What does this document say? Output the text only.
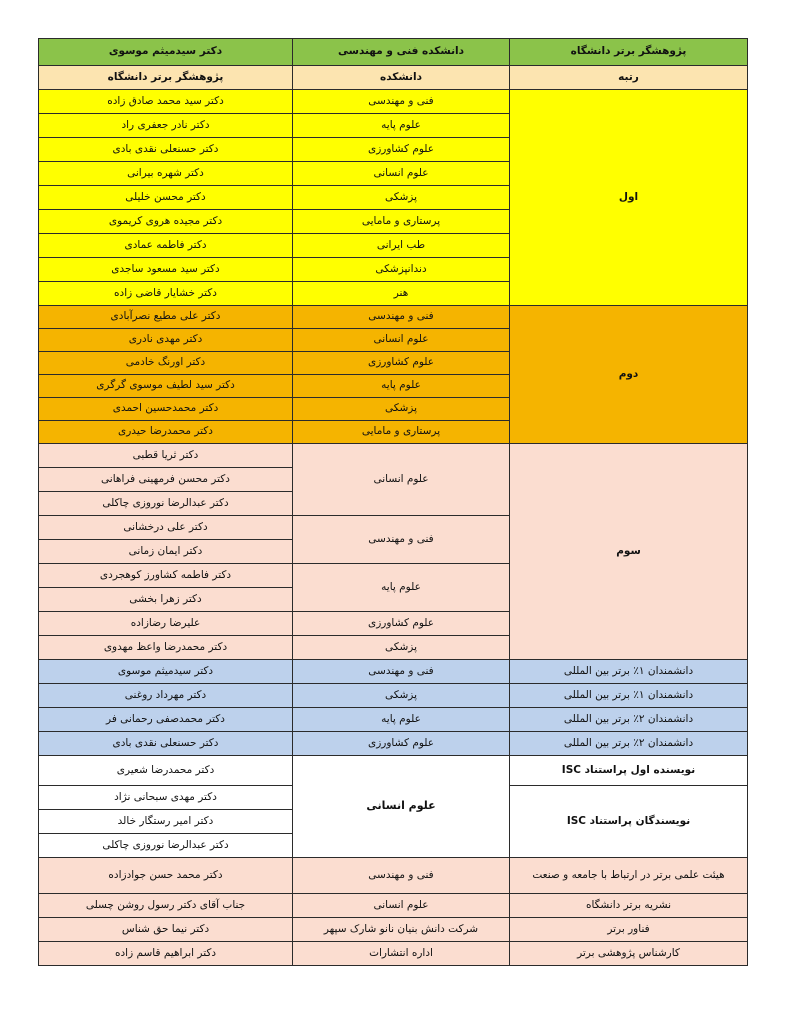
پژوهشگر برتر دانشگاه	دانشکده فنی و مهندسی	دکتر سیدمیثم موسوی
رتبه	دانشکده	پژوهشگر برتر دانشگاه
اول	فنی و مهندسی	دکتر سید محمد صادق زاده
	علوم پایه	دکتر نادر جعفری راد
	علوم کشاورزی	دکتر حسنعلی نقدی بادی
	علوم انسانی	دکتر شهره بیرانی
	پزشکی	دکتر محسن خلیلی
	پرستاری و مامایی	دکتر مجیده هروی کریموی
	طب ایرانی	دکتر فاطمه عمادی
	دندانپزشکی	دکتر سید مسعود ساجدی
	هنر	دکتر خشایار قاضی زاده
دوم	فنی و مهندسی	دکتر علی مطیع نصرآبادی
	علوم انسانی	دکتر مهدی نادری
	علوم کشاورزی	دکتر اورنگ خادمی
	علوم پایه	دکتر سید لطیف موسوی گرگری
	پزشکی	دکتر محمدحسین احمدی
	پرستاری و مامایی	دکتر محمدرضا حیدری
سوم	علوم انسانی	دکتر ثریا قطبی
		دکتر محسن فرمهینی فراهانی
		دکتر عبدالرضا نوروزی چاکلی
	فنی و مهندسی	دکتر علی درخشانی
		دکتر ایمان زمانی
	علوم پایه	دکتر فاطمه کشاورز کوهجردی
		دکتر زهرا بخشی
	علوم کشاورزی	علیرضا رضازاده
	پزشکی	دکتر محمدرضا واعظ مهدوی
دانشمندان ۱٪ برتر بین المللی	فنی و مهندسی	دکتر سیدمیثم موسوی
دانشمندان ۱٪ برتر بین المللی	پزشکی	دکتر مهرداد روغنی
دانشمندان ۲٪ برتر بین المللی	علوم پایه	دکتر محمدصفی رحمانی فر
دانشمندان ۲٪ برتر بین المللی	علوم کشاورزی	دکتر حسنعلی نقدی بادی
نویسنده اول پراستناد ISC	علوم انسانی	دکتر محمدرضا شعیری
نویسندگان پراستناد ISC		دکتر مهدی سبحانی نژاد
		دکتر امیر رستگار خالد
		دکتر عبدالرضا نوروزی چاکلی
هیئت علمی برتر در ارتباط با جامعه و صنعت	فنی و مهندسی	دکتر محمد حسن جوادزاده
نشریه برتر دانشگاه	علوم انسانی	جناب آقای دکتر رسول روشن چسلی
فناور برتر	شرکت دانش بنیان نانو شارک سپهر	دکتر نیما حق شناس
کارشناس پژوهشی برتر	اداره انتشارات	دکتر ابراهیم قاسم زاده
